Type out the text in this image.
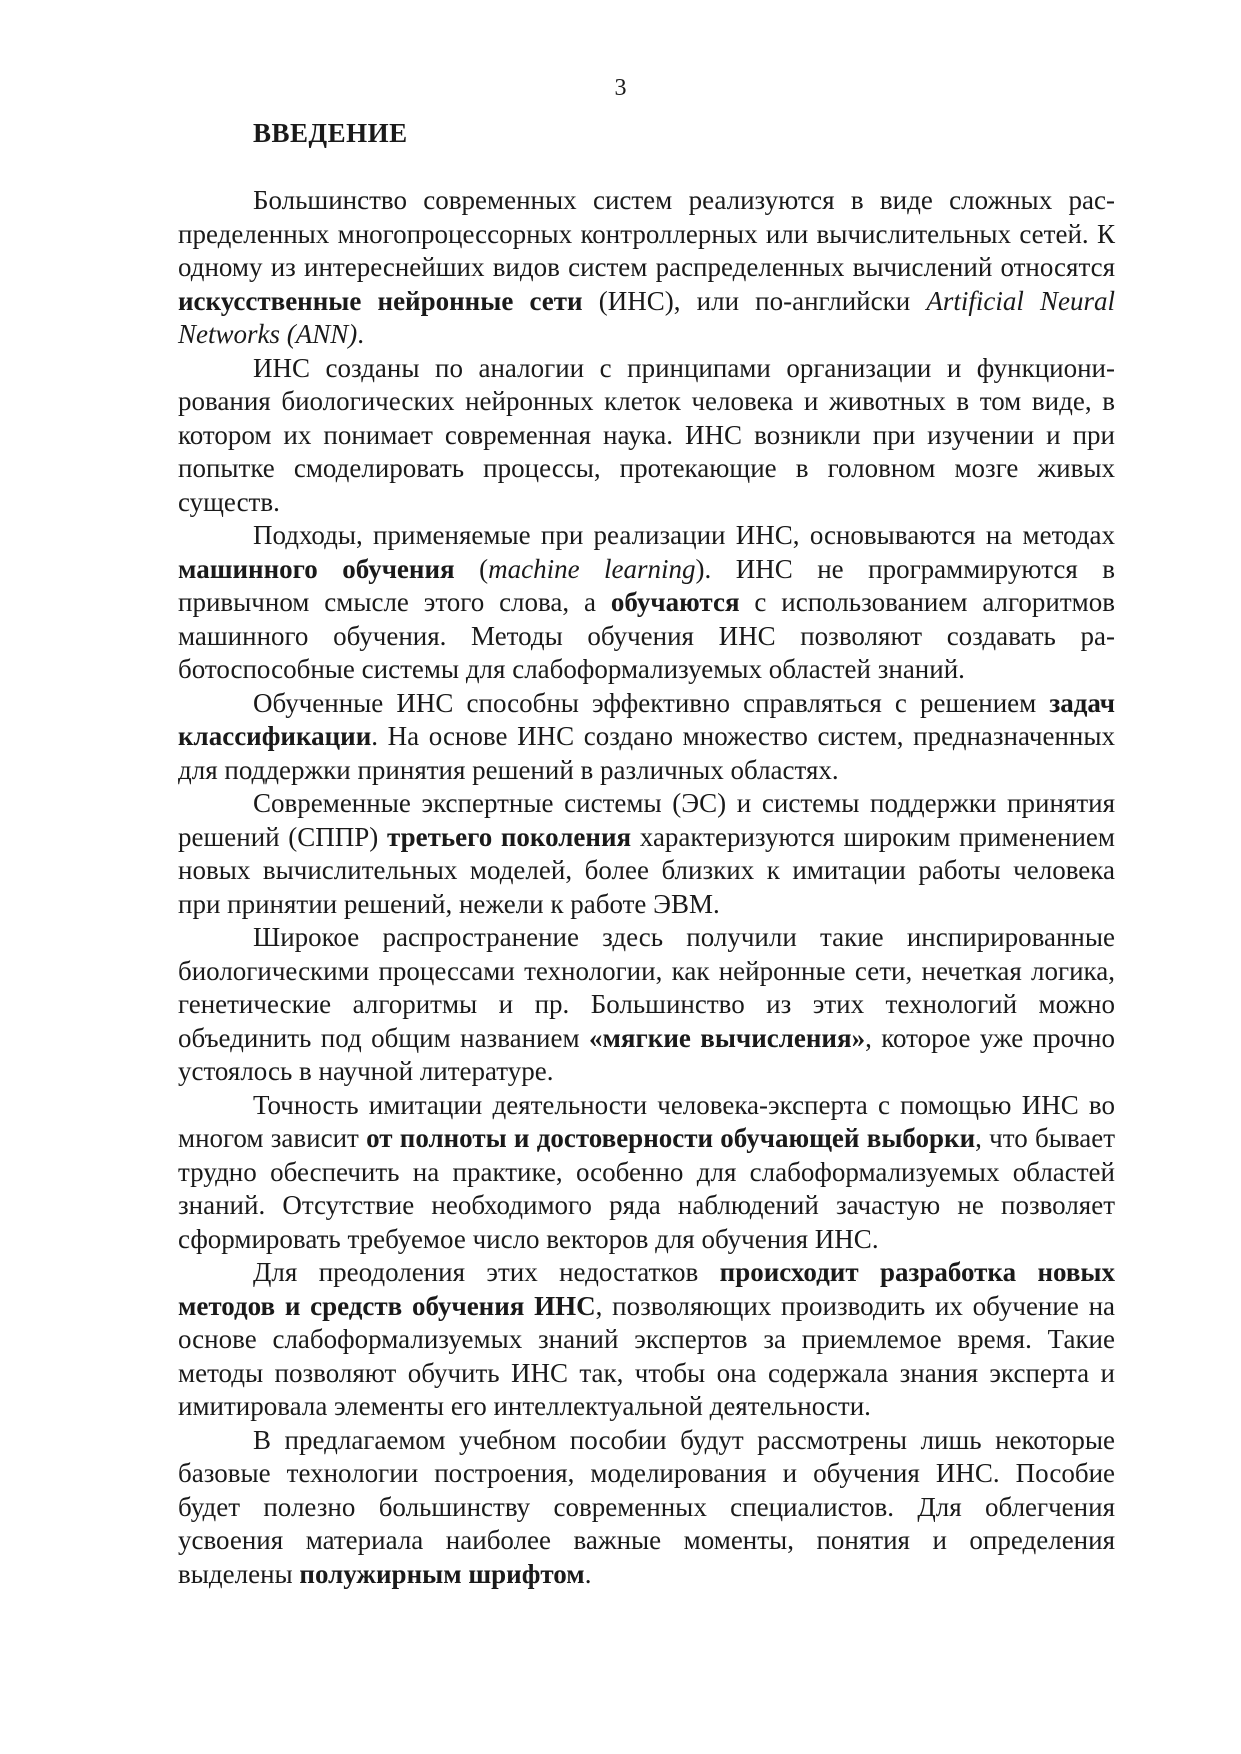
3
ВВЕДЕНИЕ

Большинство современных систем реализуются в виде сложных распределенных многопроцессорных контроллерных или вычислительных сетей. К одному из интереснейших видов систем распределенных вычислений относятся искусственные нейронные сети (ИНС), или по-английски Artificial Neural Networks (ANN).

ИНС созданы по аналогии с принципами организации и функционирования биологических нейронных клеток человека и животных в том виде, в котором их понимает современная наука. ИНС возникли при изучении и при попытке смоделировать процессы, протекающие в головном мозге живых существ.

Подходы, применяемые при реализации ИНС, основываются на методах машинного обучения (machine learning). ИНС не программируются в привычном смысле этого слова, а обучаются с использованием алгоритмов машинного обучения. Методы обучения ИНС позволяют создавать работоспособные системы для слабоформализуемых областей знаний.

Обученные ИНС способны эффективно справляться с решением задач классификации. На основе ИНС создано множество систем, предназначенных для поддержки принятия решений в различных областях.

Современные экспертные системы (ЭС) и системы поддержки принятия решений (СППР) третьего поколения характеризуются широким применением новых вычислительных моделей, более близких к имитации работы человека при принятии решений, нежели к работе ЭВМ.

Широкое распространение здесь получили такие инспирированные биологическими процессами технологии, как нейронные сети, нечеткая логика, генетические алгоритмы и пр. Большинство из этих технологий можно объединить под общим названием «мягкие вычисления», которое уже прочно устоялось в научной литературе.

Точность имитации деятельности человека-эксперта с помощью ИНС во многом зависит от полноты и достоверности обучающей выборки, что бывает трудно обеспечить на практике, особенно для слабоформализуемых областей знаний. Отсутствие необходимого ряда наблюдений зачастую не позволяет сформировать требуемое число векторов для обучения ИНС.

Для преодоления этих недостатков происходит разработка новых методов и средств обучения ИНС, позволяющих производить их обучение на основе слабоформализуемых знаний экспертов за приемлемое время. Такие методы позволяют обучить ИНС так, чтобы она содержала знания эксперта и имитировала элементы его интеллектуальной деятельности.

В предлагаемом учебном пособии будут рассмотрены лишь некоторые базовые технологии построения, моделирования и обучения ИНС. Пособие будет полезно большинству современных специалистов. Для облегчения усвоения материала наиболее важные моменты, понятия и определения выделены полужирным шрифтом.
